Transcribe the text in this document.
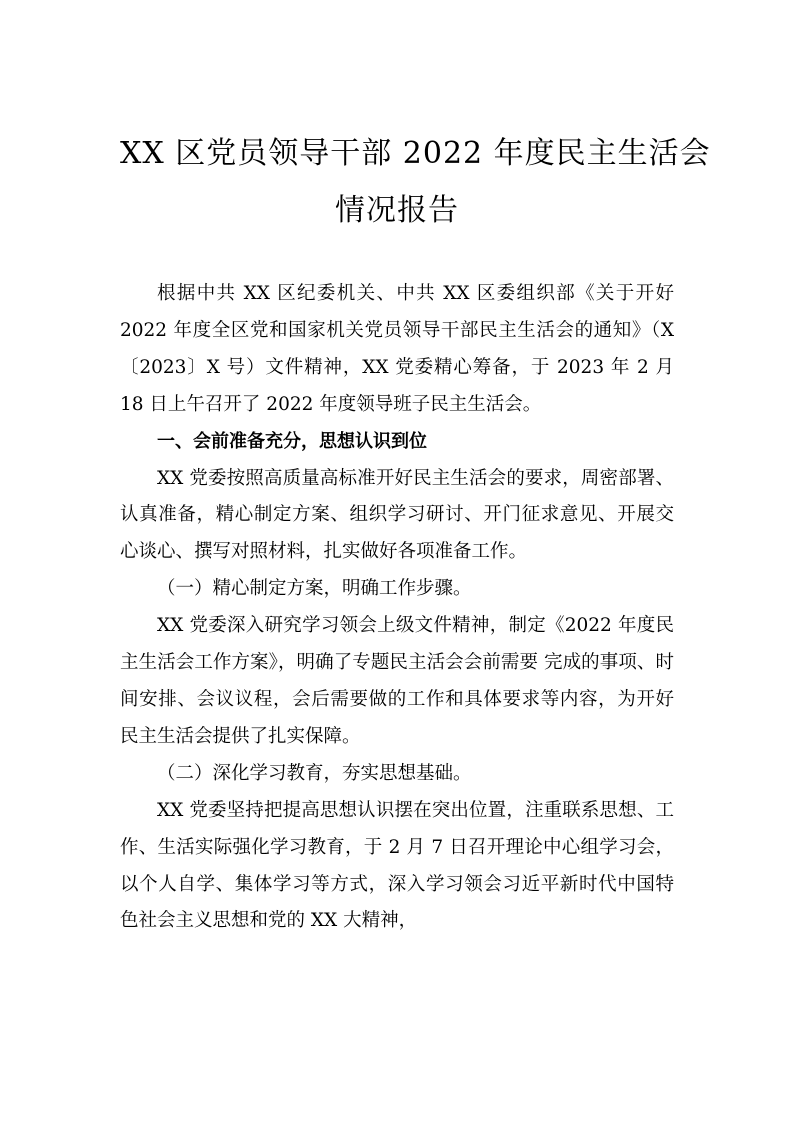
XX 区党员领导干部 2022 年度民主生活会
情况报告

根据中共 XX 区纪委机关、中共 XX 区委组织部《关于开好 2022 年度全区党和国家机关党员领导干部民主生活会的通知》（X〔2023〕X 号）文件精神，XX 党委精心筹备，于 2023 年 2 月 18 日上午召开了 2022 年度领导班子民主生活会。

一、会前准备充分，思想认识到位

XX 党委按照高质量高标准开好民主生活会的要求，周密部署、认真准备，精心制定方案、组织学习研讨、开门征求意见、开展交心谈心、撰写对照材料，扎实做好各项准备工作。

（一）精心制定方案，明确工作步骤。

XX 党委深入研究学习领会上级文件精神，制定《2022 年度民主生活会工作方案》，明确了专题民主活会会前需要 完成的事项、时间安排、会议议程，会后需要做的工作和具体要求等内容，为开好民主生活会提供了扎实保障。

（二）深化学习教育，夯实思想基础。

XX 党委坚持把提高思想认识摆在突出位置，注重联系思想、工作、生活实际强化学习教育，于 2 月 7 日召开理论中心组学习会，以个人自学、集体学习等方式，深入学习领会习近平新时代中国特色社会主义思想和党的 XX 大精神，
